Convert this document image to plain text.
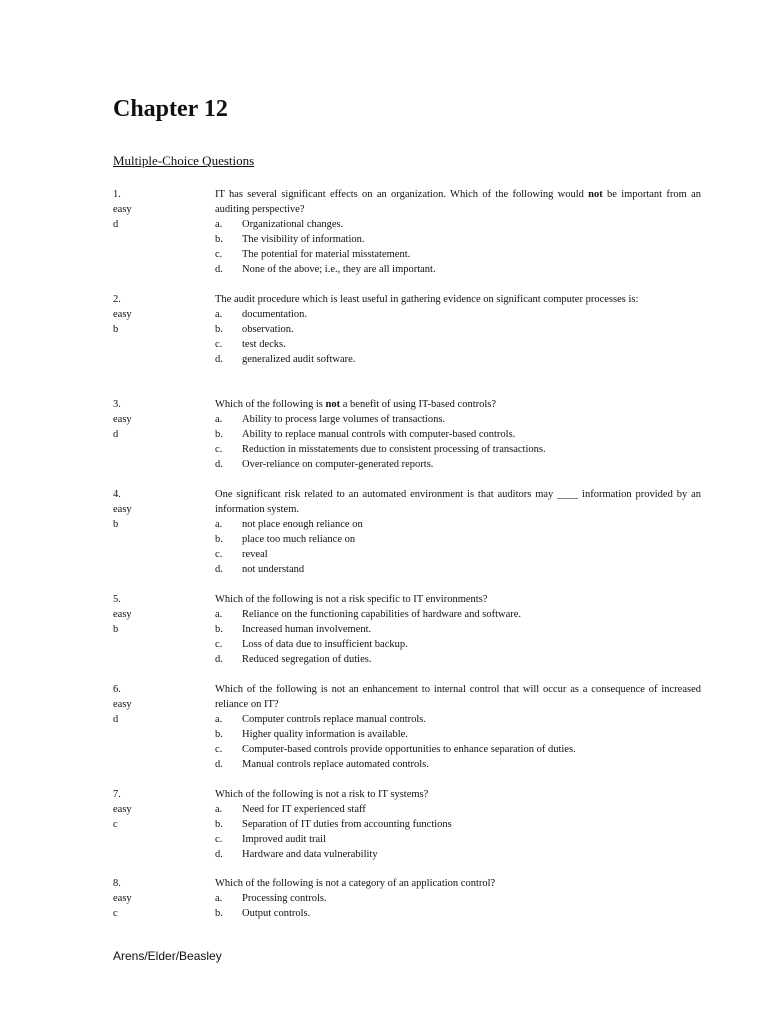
Chapter 12
Multiple-Choice Questions
1.
easy
d
IT has several significant effects on an organization. Which of the following would not be important from an auditing perspective?
a.	Organizational changes.
b.	The visibility of information.
c.	The potential for material misstatement.
d.	None of the above; i.e., they are all important.
2.
easy
b
The audit procedure which is least useful in gathering evidence on significant computer processes is:
a.	documentation.
b.	observation.
c.	test decks.
d.	generalized audit software.
3.
easy
d
Which of the following is not a benefit of using IT-based controls?
a.	Ability to process large volumes of transactions.
b.	Ability to replace manual controls with computer-based controls.
c.	Reduction in misstatements due to consistent processing of transactions.
d.	Over-reliance on computer-generated reports.
4.
easy
b
One significant risk related to an automated environment is that auditors may ____ information provided by an information system.
a.	not place enough reliance on
b.	place too much reliance on
c.	reveal
d.	not understand
5.
easy
b
Which of the following is not a risk specific to IT environments?
a.	Reliance on the functioning capabilities of hardware and software.
b.	Increased human involvement.
c.	Loss of data due to insufficient backup.
d.	Reduced segregation of duties.
6.
easy
d
Which of the following is not an enhancement to internal control that will occur as a consequence of increased reliance on IT?
a.	Computer controls replace manual controls.
b.	Higher quality information is available.
c.	Computer-based controls provide opportunities to enhance separation of duties.
d.	Manual controls replace automated controls.
7.
easy
c
Which of the following is not a risk to IT systems?
a.	Need for IT experienced staff
b.	Separation of IT duties from accounting functions
c.	Improved audit trail
d.	Hardware and data vulnerability
8.
easy
c
Which of the following is not a category of an application control?
a.	Processing controls.
b.	Output controls.
Arens/Elder/Beasley
